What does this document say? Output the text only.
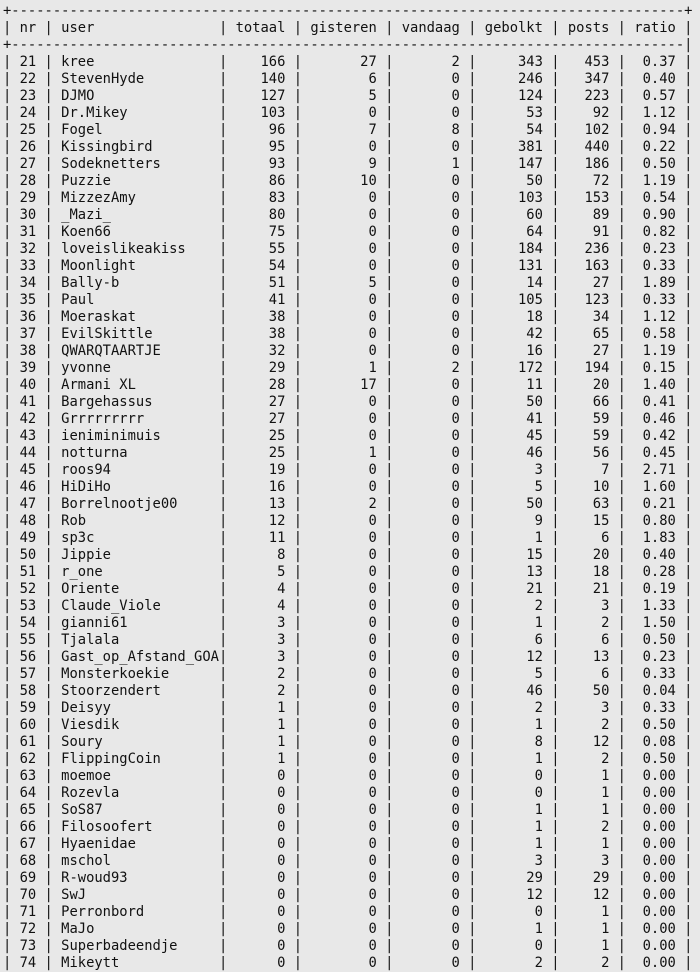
+---------------------------------------------------------------------------------+
| nr | user               | totaal | gisteren | vandaag | gebolkt | posts | ratio |
+---------------------------------------------------------------------------------|
| 21 | kree               |    166 |       27 |       2 |     343 |   453 |  0.37 |
| 22 | StevenHyde         |    140 |        6 |       0 |     246 |   347 |  0.40 |
| 23 | DJMO               |    127 |        5 |       0 |     124 |   223 |  0.57 |
| 24 | Dr.Mikey           |    103 |        0 |       0 |      53 |    92 |  1.12 |
| 25 | Fogel              |     96 |        7 |       8 |      54 |   102 |  0.94 |
| 26 | Kissingbird        |     95 |        0 |       0 |     381 |   440 |  0.22 |
| 27 | Sodeknetters       |     93 |        9 |       1 |     147 |   186 |  0.50 |
| 28 | Puzzie             |     86 |       10 |       0 |      50 |    72 |  1.19 |
| 29 | MizzezAmy          |     83 |        0 |       0 |     103 |   153 |  0.54 |
| 30 | _Mazi_             |     80 |        0 |       0 |      60 |    89 |  0.90 |
| 31 | Koen66             |     75 |        0 |       0 |      64 |    91 |  0.82 |
| 32 | loveislikeakiss    |     55 |        0 |       0 |     184 |   236 |  0.23 |
| 33 | Moonlight          |     54 |        0 |       0 |     131 |   163 |  0.33 |
| 34 | Bally-b            |     51 |        5 |       0 |      14 |    27 |  1.89 |
| 35 | Paul               |     41 |        0 |       0 |     105 |   123 |  0.33 |
| 36 | Moeraskat          |     38 |        0 |       0 |      18 |    34 |  1.12 |
| 37 | EvilSkittle        |     38 |        0 |       0 |      42 |    65 |  0.58 |
| 38 | QWARQTAARTJE       |     32 |        0 |       0 |      16 |    27 |  1.19 |
| 39 | yvonne             |     29 |        1 |       2 |     172 |   194 |  0.15 |
| 40 | Armani XL          |     28 |       17 |       0 |      11 |    20 |  1.40 |
| 41 | Bargehassus        |     27 |        0 |       0 |      50 |    66 |  0.41 |
| 42 | Grrrrrrrrr         |     27 |        0 |       0 |      41 |    59 |  0.46 |
| 43 | ieniminimuis       |     25 |        0 |       0 |      45 |    59 |  0.42 |
| 44 | notturna           |     25 |        1 |       0 |      46 |    56 |  0.45 |
| 45 | roos94             |     19 |        0 |       0 |       3 |     7 |  2.71 |
| 46 | HiDiHo             |     16 |        0 |       0 |       5 |    10 |  1.60 |
| 47 | Borrelnootje00     |     13 |        2 |       0 |      50 |    63 |  0.21 |
| 48 | Rob                |     12 |        0 |       0 |       9 |    15 |  0.80 |
| 49 | sp3c               |     11 |        0 |       0 |       1 |     6 |  1.83 |
| 50 | Jippie             |      8 |        0 |       0 |      15 |    20 |  0.40 |
| 51 | r_one              |      5 |        0 |       0 |      13 |    18 |  0.28 |
| 52 | Oriente            |      4 |        0 |       0 |      21 |    21 |  0.19 |
| 53 | Claude_Viole       |      4 |        0 |       0 |       2 |     3 |  1.33 |
| 54 | gianni61           |      3 |        0 |       0 |       1 |     2 |  1.50 |
| 55 | Tjalala            |      3 |        0 |       0 |       6 |     6 |  0.50 |
| 56 | Gast_op_Afstand_GOA|      3 |        0 |       0 |      12 |    13 |  0.23 |
| 57 | Monsterkoekie      |      2 |        0 |       0 |       5 |     6 |  0.33 |
| 58 | Stoorzendert       |      2 |        0 |       0 |      46 |    50 |  0.04 |
| 59 | Deisyy             |      1 |        0 |       0 |       2 |     3 |  0.33 |
| 60 | Viesdik            |      1 |        0 |       0 |       1 |     2 |  0.50 |
| 61 | Soury              |      1 |        0 |       0 |       8 |    12 |  0.08 |
| 62 | FlippingCoin       |      1 |        0 |       0 |       1 |     2 |  0.50 |
| 63 | moemoe             |      0 |        0 |       0 |       0 |     1 |  0.00 |
| 64 | Rozevla            |      0 |        0 |       0 |       0 |     1 |  0.00 |
| 65 | SoS87              |      0 |        0 |       0 |       1 |     1 |  0.00 |
| 66 | Filosoofert        |      0 |        0 |       0 |       1 |     2 |  0.00 |
| 67 | Hyaenidae          |      0 |        0 |       0 |       1 |     1 |  0.00 |
| 68 | mschol             |      0 |        0 |       0 |       3 |     3 |  0.00 |
| 69 | R-woud93           |      0 |        0 |       0 |      29 |    29 |  0.00 |
| 70 | SwJ                |      0 |        0 |       0 |      12 |    12 |  0.00 |
| 71 | Perronbord         |      0 |        0 |       0 |       0 |     1 |  0.00 |
| 72 | MaJo               |      0 |        0 |       0 |       1 |     1 |  0.00 |
| 73 | Superbadeendje     |      0 |        0 |       0 |       0 |     1 |  0.00 |
| 74 | Mikeytt            |      0 |        0 |       0 |       2 |     2 |  0.00 |
